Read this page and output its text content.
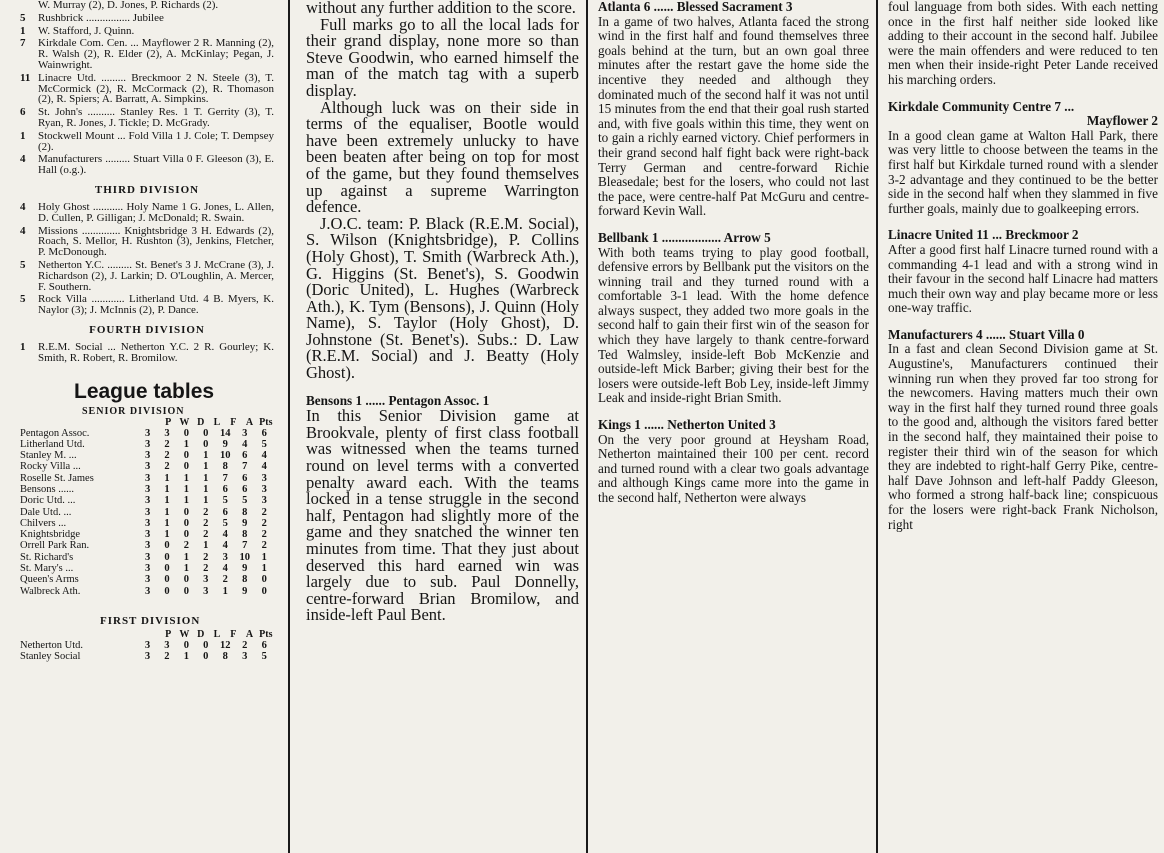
W. Murray (2), D. Jones, P. Richards (2).
5	Rushbrick ................ Jubilee
1	W. Stafford, J. Quinn.
7	Kirkdale Com. Cen. ... Mayflower 2 R. Manning (2), R. Walsh (2), R. Elder (2), A. McKinlay; Pegan, J. Wainwright.
11 Linacre Utd. ......... Breckmoor 2 N. Steele (3), T. McCormick (2), R. McCormack (2), R. Thomason (2), R. Spiers; A. Barratt, A. Simpkins.
6	St. John's .......... Stanley Res. 1 T. Gerrity (3), T. Ryan, R. Jones, J. Tickle; D. McGrady.
1	Stockwell Mount ... Fold Villa 1 J. Cole; T. Dempsey (2).
4	Manufacturers ......... Stuart Villa 0 F. Gleeson (3), E. Hall (o.g.).
THIRD DIVISION
4	Holy Ghost ........... Holy Name 1 G. Jones, L. Allen, D. Cullen, P. Gilligan; J. McDonald; R. Swain.
4	Missions .............. Knightsbridge 3 H. Edwards (2), Roach, S. Mellor, H. Rushton (3), Jenkins, Fletcher, P. McDonough.
5	Netherton Y.C. ......... St. Benet's 3 J. McCrane (3), J. Richardson (2), J. Larkin; D. O'Loughlin, A. Mercer, F. Southern.
5	Rock Villa ............ Litherland Utd. 4 B. Myers, K. Naylor (3); J. McInnis (2), P. Dance.
FOURTH DIVISION
1	R.E.M. Social ... Netherton Y.C. 2 R. Gourley; K. Smith, R. Robert, R. Bromilow.
League tables
SENIOR DIVISION
P W D L F A Pts
Pentagon Assoc.	3	3	0	0	14	3	6
Litherland Utd.	3	2	1	0	9	4	5
Stanley M. ...	3	2	0	1	10	6	4
Rocky Villa ...	3	2	0	1	8	7	4
Roselle St. James	3	1	1	1	7	6	3
Bensons ......	3	1	1	1	6	6	3
Doric Utd. ...	3	1	1	1	5	5	3
Dale Utd. ...	3	1	0	2	6	8	2
Chilvers ...	3	1	0	2	5	9	2
Knightsbridge	3	1	0	2	4	8	2
Orrell Park Ran.	3	0	2	1	4	7	2
St. Richard's	3	0	1	2	3	10	1
St. Mary's ...	3	0	1	2	4	9	1
Queen's Arms	3	0	0	3	2	8	0
Walbreck Ath.	3	0	0	3	1	9	0
FIRST DIVISION
P W D L F A Pts
Netherton Utd.	3	3	0	0	12	2	6
Stanley Social	3	2	1	0	8	3	5

without any further addition to the score.

Full marks go to all the local lads for their grand display, none more so than Steve Goodwin, who earned himself the man of the match tag with a superb display.

Although luck was on their side in terms of the equaliser, Bootle would have been extremely unlucky to have been beaten after being on top for most of the game, but they found themselves up against a supreme Warrington defence.

J.O.C. team: P. Black (R.E.M. Social), S. Wilson (Knightsbridge), P. Collins (Holy Ghost), T. Smith (Warbreck Ath.), G. Higgins (St. Benet's), S. Goodwin (Doric United), L. Hughes (Warbreck Ath.), K. Tym (Bensons), J. Quinn (Holy Name), S. Taylor (Holy Ghost), D. Johnstone (St. Benet's). Subs.: D. Law (R.E.M. Social) and J. Beatty (Holy Ghost).

Bensons 1 ...... Pentagon Assoc. 1

In this Senior Division game at Brookvale, plenty of first class football was witnessed when the teams turned round on level terms with a converted penalty award each. With the teams locked in a tense struggle in the second half, Pentagon had slightly more of the game and they snatched the winner ten minutes from time. That they just about deserved this hard earned win was largely due to sub. Paul Donnelly, centre-forward Brian Bromilow, and inside-left Paul Bent.

Atlanta 6 ...... Blessed Sacrament 3

In a game of two halves, Atlanta faced the strong wind in the first half and found themselves three goals behind at the turn, but an own goal three minutes after the restart gave the home side the incentive they needed and although they dominated much of the second half it was not until 15 minutes from the end that their goal rush started and, with five goals within this time, they went on to gain a richly earned victory. Chief performers in their grand second half fight back were right-back Terry German and centre-forward Richie Bleasedale; best for the losers, who could not last the pace, were centre-half Pat McGuru and centre-forward Kevin Wall.

Bellbank 1 .................. Arrow 5

With both teams trying to play good football, defensive errors by Bellbank put the visitors on the winning trail and they turned round with a comfortable 3-1 lead. With the home defence always suspect, they added two more goals in the second half to gain their first win of the season for which they have largely to thank centre-forward Ted Walmsley, inside-left Bob McKenzie and outside-left Mick Barber; giving their best for the losers were outside-left Bob Ley, inside-left Jimmy Leak and inside-right Brian Smith.

Kings 1 ...... Netherton United 3

On the very poor ground at Heysham Road, Netherton maintained their 100 per cent. record and turned round with a clear two goals advantage and although Kings came more into the game in the second half, Netherton were always

foul language from both sides. With each netting once in the first half neither side looked like adding to their account in the second half. Jubilee were the main offenders and were reduced to ten men when their inside-right Peter Lande received his marching orders.

Kirkdale Community Centre 7 ...
Mayflower 2

In a good clean game at Walton Hall Park, there was very little to choose between the teams in the first half but Kirkdale turned round with a slender 3-2 advantage and they continued to be the better side in the second half when they slammed in five further goals, mainly due to goalkeeping errors.

Linacre United 11 ... Breckmoor 2

After a good first half Linacre turned round with a commanding 4-1 lead and with a strong wind in their favour in the second half Linacre had matters much their own way and play became more or less one-way traffic.

Manufacturers 4 ...... Stuart Villa 0

In a fast and clean Second Division game at St. Augustine's, Manufacturers continued their winning run when they proved far too strong for the newcomers. Having matters much their own way in the first half they turned round three goals to the good and, although the visitors fared better in the second half, they maintained their poise to register their third win of the season for which they are indebted to right-half Gerry Pike, centre-half Dave Johnson and left-half Paddy Gleeson, who formed a strong half-back line; conspicuous for the losers were right-back Frank Nicholson, right
